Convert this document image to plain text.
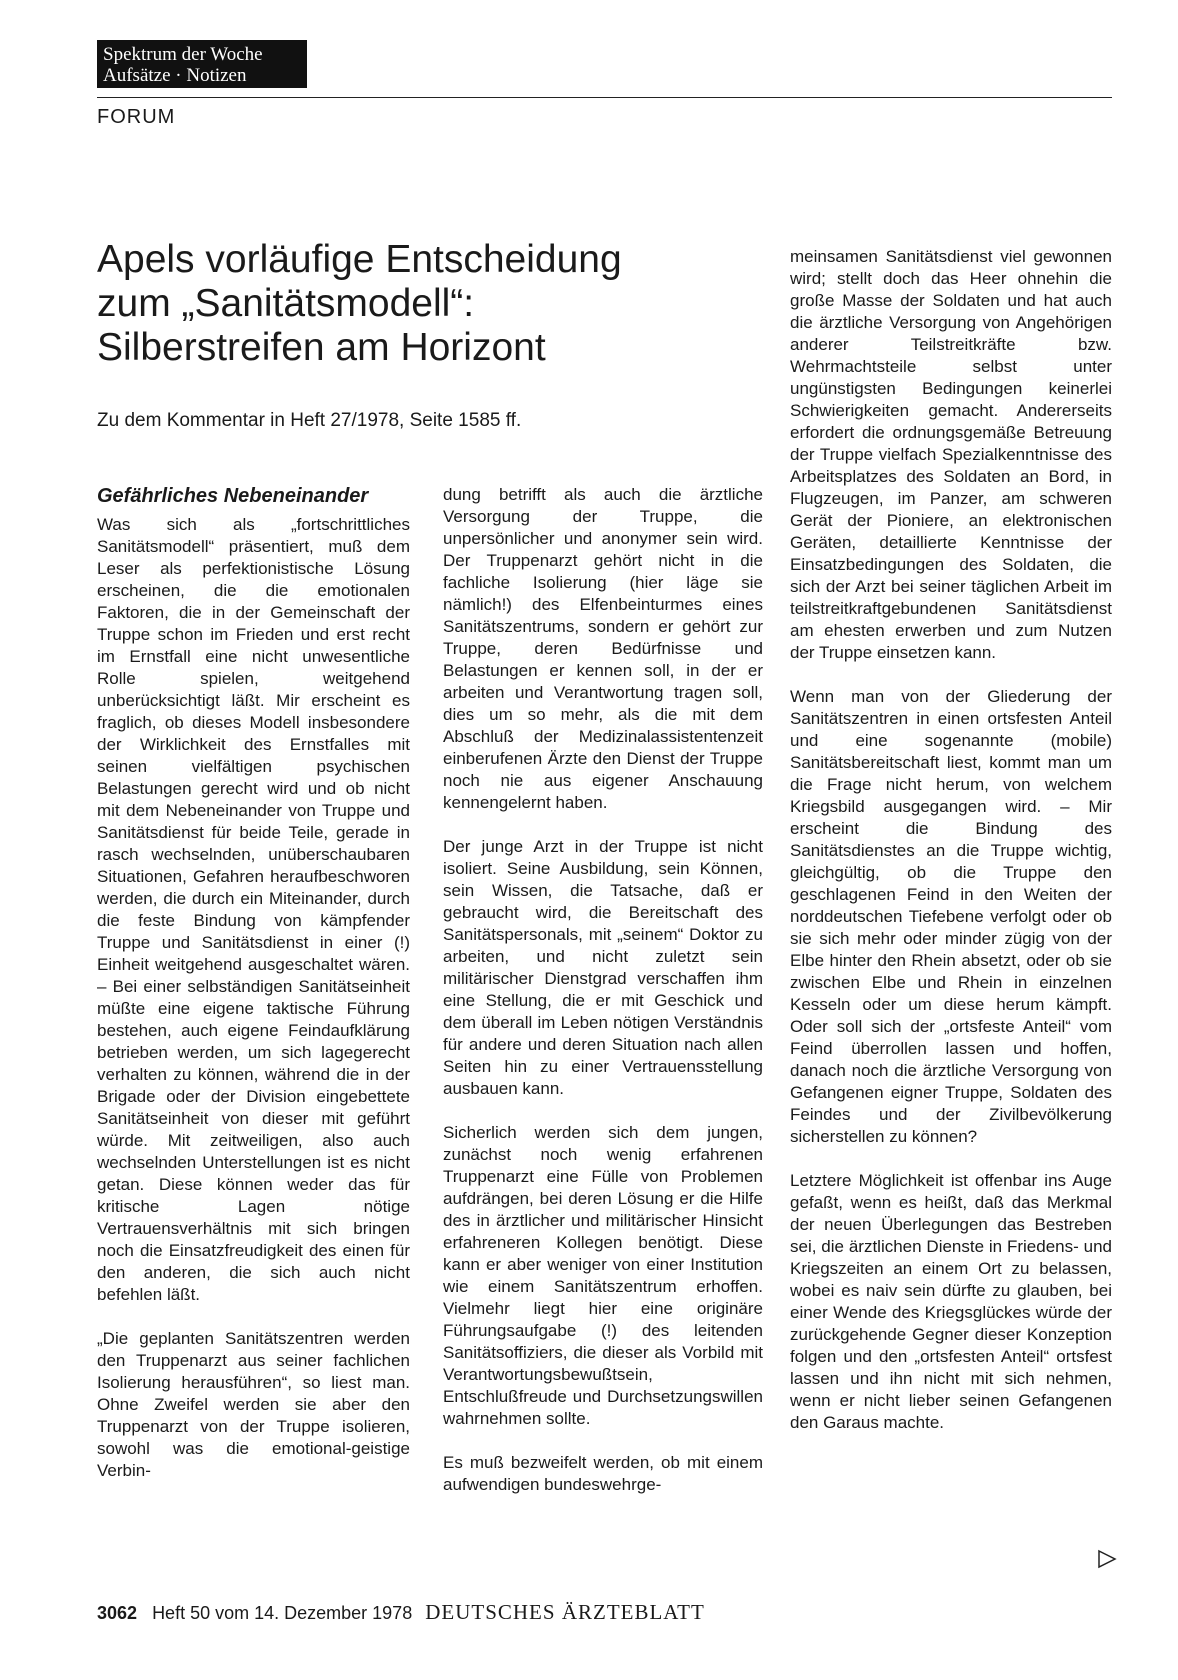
Spektrum der Woche
Aufsätze · Notizen
FORUM
Apels vorläufige Entscheidung
zum „Sanitätsmodell“:
Silberstreifen am Horizont
Zu dem Kommentar in Heft 27/1978, Seite 1585 ff.
Gefährliches Nebeneinander

Was sich als „fortschrittliches Sanitätsmodell“ präsentiert, muß dem Leser als perfektionistische Lösung erscheinen, die die emotionalen Faktoren, die in der Gemeinschaft der Truppe schon im Frieden und erst recht im Ernstfall eine nicht unwesentliche Rolle spielen, weitgehend unberücksichtigt läßt. Mir erscheint es fraglich, ob dieses Modell insbesondere der Wirklichkeit des Ernstfalles mit seinen vielfältigen psychischen Belastungen gerecht wird und ob nicht mit dem Nebeneinander von Truppe und Sanitätsdienst für beide Teile, gerade in rasch wechselnden, unüberschaubaren Situationen, Gefahren heraufbeschworen werden, die durch ein Miteinander, durch die feste Bindung von kämpfender Truppe und Sanitätsdienst in einer (!) Einheit weitgehend ausgeschaltet wären. – Bei einer selbständigen Sanitätseinheit müßte eine eigene taktische Führung bestehen, auch eigene Feindaufklärung betrieben werden, um sich lagegerecht verhalten zu können, während die in der Brigade oder der Division eingebettete Sanitätseinheit von dieser mit geführt würde. Mit zeitweiligen, also auch wechselnden Unterstellungen ist es nicht getan. Diese können weder das für kritische Lagen nötige Vertrauensverhältnis mit sich bringen noch die Einsatzfreudigkeit des einen für den anderen, die sich auch nicht befehlen läßt.

„Die geplanten Sanitätszentren werden den Truppenarzt aus seiner fachlichen Isolierung herausführen“, so liest man. Ohne Zweifel werden sie aber den Truppenarzt von der Truppe isolieren, sowohl was die emotional-geistige Verbin-

dung betrifft als auch die ärztliche Versorgung der Truppe, die unpersönlicher und anonymer sein wird. Der Truppenarzt gehört nicht in die fachliche Isolierung (hier läge sie nämlich!) des Elfenbeinturmes eines Sanitätszentrums, sondern er gehört zur Truppe, deren Bedürfnisse und Belastungen er kennen soll, in der er arbeiten und Verantwortung tragen soll, dies um so mehr, als die mit dem Abschluß der Medizinalassistentenzeit einberufenen Ärzte den Dienst der Truppe noch nie aus eigener Anschauung kennengelernt haben.

Der junge Arzt in der Truppe ist nicht isoliert. Seine Ausbildung, sein Können, sein Wissen, die Tatsache, daß er gebraucht wird, die Bereitschaft des Sanitätspersonals, mit „seinem“ Doktor zu arbeiten, und nicht zuletzt sein militärischer Dienstgrad verschaffen ihm eine Stellung, die er mit Geschick und dem überall im Leben nötigen Verständnis für andere und deren Situation nach allen Seiten hin zu einer Vertrauensstellung ausbauen kann.

Sicherlich werden sich dem jungen, zunächst noch wenig erfahrenen Truppenarzt eine Fülle von Problemen aufdrängen, bei deren Lösung er die Hilfe des in ärztlicher und militärischer Hinsicht erfahreneren Kollegen benötigt. Diese kann er aber weniger von einer Institution wie einem Sanitätszentrum erhoffen. Vielmehr liegt hier eine originäre Führungsaufgabe (!) des leitenden Sanitätsoffiziers, die dieser als Vorbild mit Verantwortungsbewußtsein, Entschlußfreude und Durchsetzungswillen wahrnehmen sollte.

Es muß bezweifelt werden, ob mit einem aufwendigen bundeswehrge-

meinsamen Sanitätsdienst viel gewonnen wird; stellt doch das Heer ohnehin die große Masse der Soldaten und hat auch die ärztliche Versorgung von Angehörigen anderer Teilstreitkräfte bzw. Wehrmachtsteile selbst unter ungünstigsten Bedingungen keinerlei Schwierigkeiten gemacht. Andererseits erfordert die ordnungsgemäße Betreuung der Truppe vielfach Spezialkenntnisse des Arbeitsplatzes des Soldaten an Bord, in Flugzeugen, im Panzer, am schweren Gerät der Pioniere, an elektronischen Geräten, detaillierte Kenntnisse der Einsatzbedingungen des Soldaten, die sich der Arzt bei seiner täglichen Arbeit im teilstreitkraftgebundenen Sanitätsdienst am ehesten erwerben und zum Nutzen der Truppe einsetzen kann.

Wenn man von der Gliederung der Sanitätszentren in einen ortsfesten Anteil und eine sogenannte (mobile) Sanitätsbereitschaft liest, kommt man um die Frage nicht herum, von welchem Kriegsbild ausgegangen wird. – Mir erscheint die Bindung des Sanitätsdienstes an die Truppe wichtig, gleichgültig, ob die Truppe den geschlagenen Feind in den Weiten der norddeutschen Tiefebene verfolgt oder ob sie sich mehr oder minder zügig von der Elbe hinter den Rhein absetzt, oder ob sie zwischen Elbe und Rhein in einzelnen Kesseln oder um diese herum kämpft. Oder soll sich der „ortsfeste Anteil“ vom Feind überrollen lassen und hoffen, danach noch die ärztliche Versorgung von Gefangenen eigner Truppe, Soldaten des Feindes und der Zivilbevölkerung sicherstellen zu können?

Letztere Möglichkeit ist offenbar ins Auge gefaßt, wenn es heißt, daß das Merkmal der neuen Überlegungen das Bestreben sei, die ärztlichen Dienste in Friedens- und Kriegszeiten an einem Ort zu belassen, wobei es naiv sein dürfte zu glauben, bei einer Wende des Kriegsglückes würde der zurückgehende Gegner dieser Konzeption folgen und den „ortsfesten Anteil“ ortsfest lassen und ihn nicht mit sich nehmen, wenn er nicht lieber seinen Gefangenen den Garaus machte.

3062 Heft 50 vom 14. Dezember 1978 DEUTSCHES ÄRZTEBLATT
